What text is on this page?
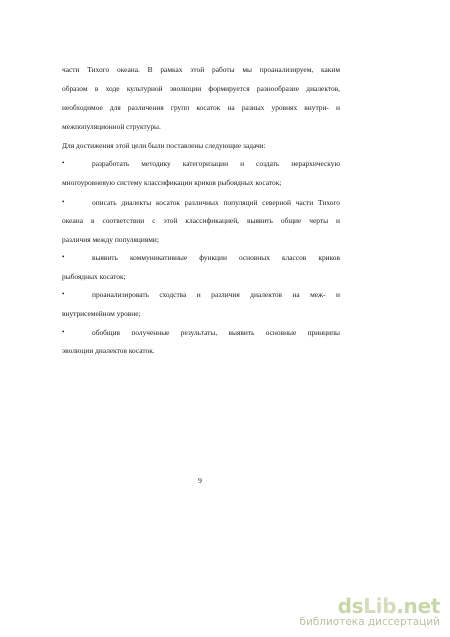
части Тихого океана. В рамках этой работы мы проанализируем, каким
образом в ходе культурной эволюции формируется разнообразие диалектов,
необходимое для различения групп косаток на разных уровнях внутри- и
межпопуляционной структуры.
Для достижения этой цели были поставлены следующие задачи:
•	разработать методику категоризации и создать иерархическую
многоуровневую систему классификации криков рыбоядных косаток;
•	описать диалекты косаток различных популяций северной части Тихого
океана в соответствии с этой классификацией, выявить общие черты и
различия между популяциями;
•	выявить коммуникативные функции основных классов криков
рыбоядных косаток;
•	проанализировать сходства и различия диалектов на меж- и
внутрисемейном уровне;
•	обобщив полученные результаты, выявить основные принципы
эволюции диалектов косаток.
9
dsLib.net
библиотека диссертаций
